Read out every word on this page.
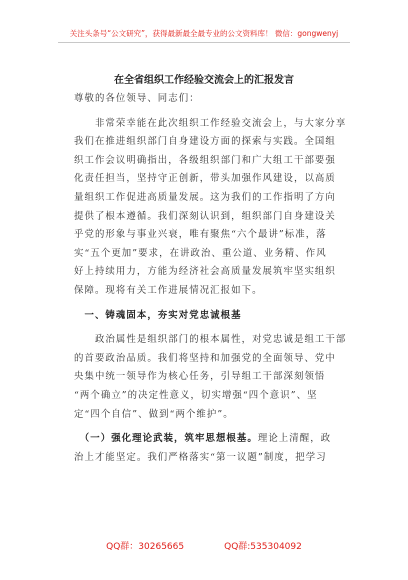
关注头条号“公文研究”，获得最新最全最专业的公文资料库！ 微信：gongwenyj
在全省组织工作经验交流会上的汇报发言
尊敬的各位领导、同志们：
　　非常荣幸能在此次组织工作经验交流会上，与大家分享
我们在推进组织部门自身建设方面的探索与实践。全国组
织工作会议明确指出，各级组织部门和广大组工干部要强
化责任担当，坚持守正创新，带头加强作风建设，以高质
量组织工作促进高质量发展。这为我们的工作指明了方向
提供了根本遵循。我们深刻认识到，组织部门自身建设关
乎党的形象与事业兴衰，唯有聚焦“六个最讲”标准，落
实“五个更加”要求，在讲政治、重公道、业务精、作风
好上持续用力，方能为经济社会高质量发展筑牢坚实组织
保障。现将有关工作进展情况汇报如下。
　一、铸魂固本，夯实对党忠诚根基
　　政治属性是组织部门的根本属性，对党忠诚是组工干部
的首要政治品质。我们将坚持和加强党的全面领导、党中
央集中统一领导作为核心任务，引导组工干部深刻领悟
“两个确立”的决定性意义，切实增强“四个意识”、坚
定“四个自信”、做到“两个维护”。
　（一）强化理论武装，筑牢思想根基。理论上清醒，政
治上才能坚定。我们严格落实“第一议题”制度，把学习
QQ群：30265665	QQ群:535304092
